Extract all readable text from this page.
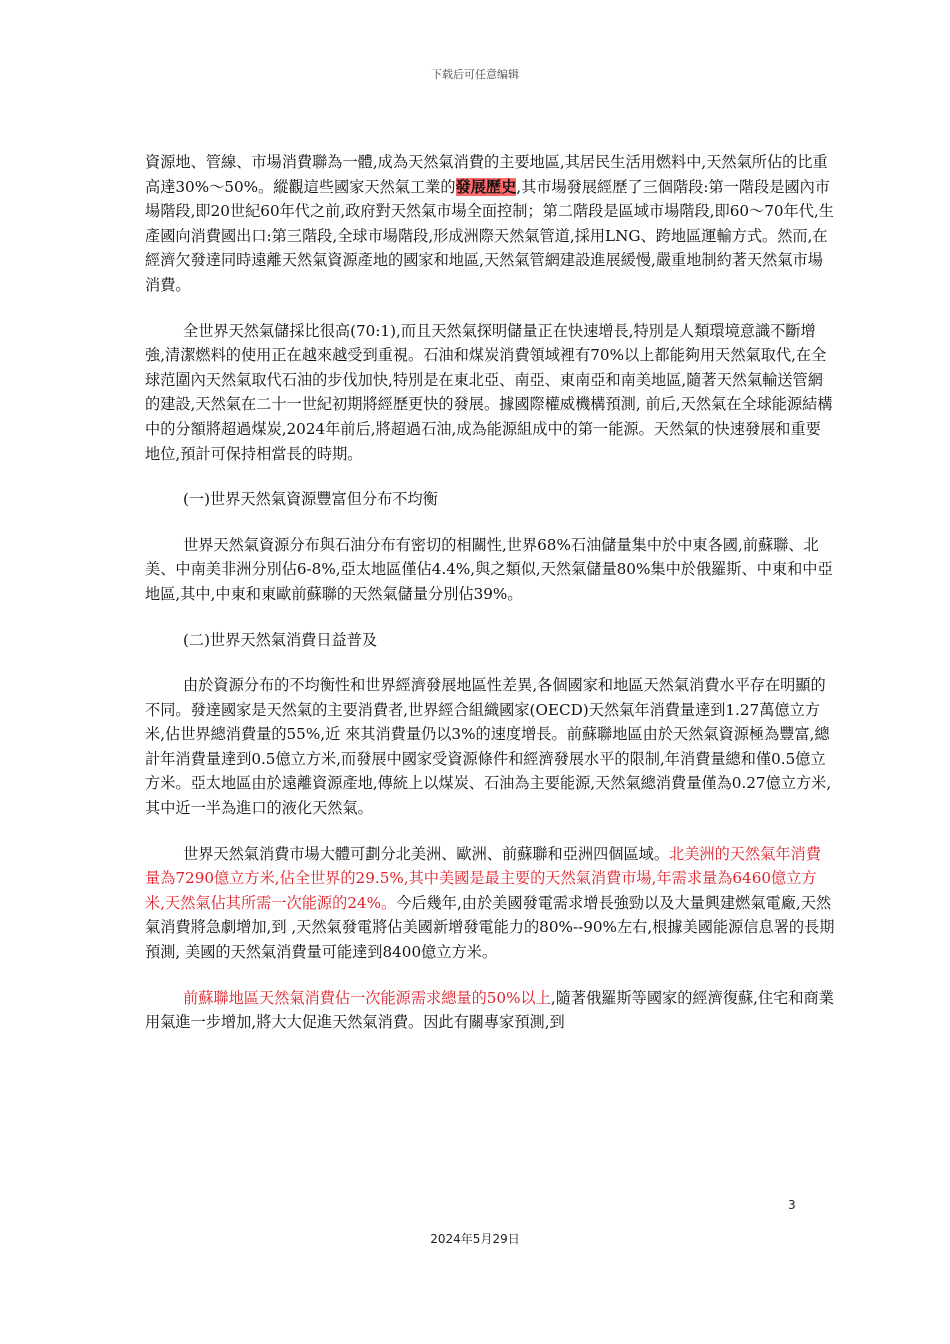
下载后可任意编辑

資源地、管線、市場消費聯為一體,成為天然氣消費的主要地區,其居民生活用燃料中,天然氣所佔的比重高達30%～50%。縱觀這些國家天然氣工業的發展歷史,其市場發展經歷了三個階段:第一階段是國內市場階段,即20世紀60年代之前,政府對天然氣市場全面控制；第二階段是區域市場階段,即60～70年代,生產國向消費國出口:第三階段,全球市場階段,形成洲際天然氣管道,採用LNG、跨地區運輸方式。然而,在經濟欠發達同時遠離天然氣資源產地的國家和地區,天然氣管網建設進展緩慢,嚴重地制約著天然氣市場消費。

全世界天然氣儲採比很高(70:1),而且天然氣探明儲量正在快速增長,特別是人類環境意識不斷增強,清潔燃料的使用正在越來越受到重視。石油和煤炭消費領域裡有70%以上都能夠用天然氣取代,在全球范圍內天然氣取代石油的步伐加快,特別是在東北亞、南亞、東南亞和南美地區,隨著天然氣輸送管網的建設,天然氣在二十一世紀初期將經歷更快的發展。據國際權威機構預測, 前后,天然氣在全球能源結構中的分額將超過煤炭,2024年前后,將超過石油,成為能源組成中的第一能源。天然氣的快速發展和重要地位,預計可保持相當長的時期。

(一)世界天然氣資源豐富但分布不均衡

世界天然氣資源分布與石油分布有密切的相關性,世界68%石油儲量集中於中東各國,前蘇聯、北美、中南美非洲分別佔6-8%,亞太地區僅佔4.4%,與之類似,天然氣儲量80%集中於俄羅斯、中東和中亞地區,其中,中東和東歐前蘇聯的天然氣儲量分別佔39%。

(二)世界天然氣消費日益普及

由於資源分布的不均衡性和世界經濟發展地區性差異,各個國家和地區天然氣消費水平存在明顯的不同。發達國家是天然氣的主要消費者,世界經合組織國家(OECD)天然氣年消費量達到1.27萬億立方米,佔世界總消費量的55%,近 來其消費量仍以3%的速度增長。前蘇聯地區由於天然氣資源極為豐富,總計年消費量達到0.5億立方米,而發展中國家受資源條件和經濟發展水平的限制,年消費量總和僅0.5億立方米。亞太地區由於遠離資源產地,傳統上以煤炭、石油為主要能源,天然氣總消費量僅為0.27億立方米,其中近一半為進口的液化天然氣。

世界天然氣消費市場大體可劃分北美洲、歐洲、前蘇聯和亞洲四個區域。北美洲的天然氣年消費量為7290億立方米,佔全世界的29.5%,其中美國是最主要的天然氣消費市場,年需求量為6460億立方米,天然氣佔其所需一次能源的24%。今后幾年,由於美國發電需求增長強勁以及大量興建燃氣電廠,天然氣消費將急劇增加,到 ,天然氣發電將佔美國新增發電能力的80%--90%左右,根據美國能源信息署的長期預測, 美國的天然氣消費量可能達到8400億立方米。

前蘇聯地區天然氣消費佔一次能源需求總量的50%以上,隨著俄羅斯等國家的經濟復蘇,住宅和商業用氣進一步增加,將大大促進天然氣消費。因此有關專家預測,到

3
2024年5月29日
